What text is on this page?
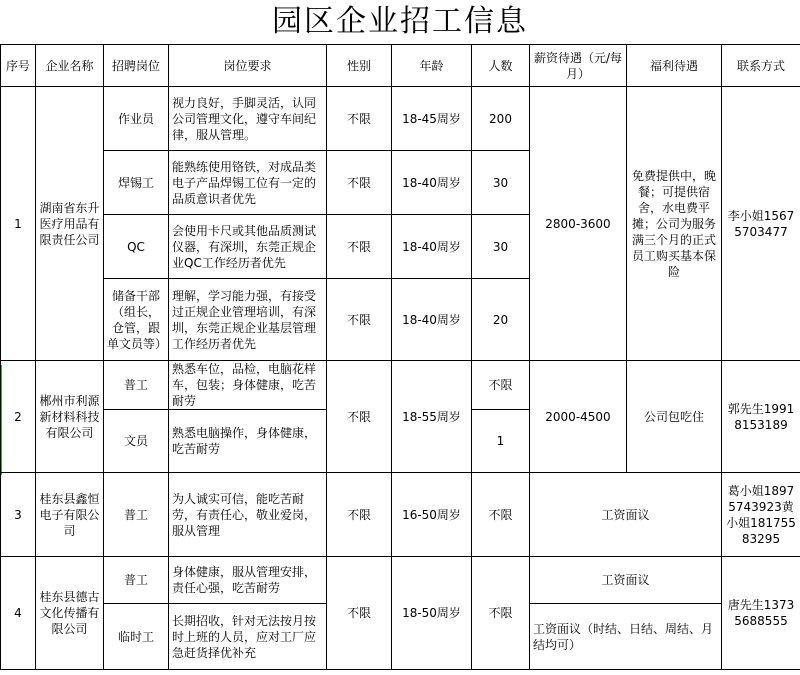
园区企业招工信息
序号	企业名称	招聘岗位	岗位要求	性别	年龄	人数	薪资待遇（元/每月）	福利待遇	联系方式
1	湖南省东升医疗用品有限责任公司	作业员	视力良好，手脚灵活，认同公司管理文化，遵守车间纪律，服从管理。	不限	18-45周岁	200	2800-3600	免费提供中，晚餐；可提供宿舍，水电费平摊；公司为服务满三个月的正式员工购买基本保险	李小姐15675703477
		焊锡工	能熟练使用铬铁，对成品类电子产品焊锡工位有一定的品质意识者优先	不限	18-40周岁	30			
		QC	会使用卡尺或其他品质测试仪器，有深圳，东莞正规企业QC工作经历者优先	不限	18-40周岁	30			
		储备干部（组长，仓管，跟单文员等）	理解，学习能力强，有接受过正规企业管理培训，有深圳，东莞正规企业基层管理工作经历者优先	不限	18-40周岁	20			
2	郴州市利源新材料科技有限公司	普工	熟悉车位，品检，电脑花样车，包装；身体健康，吃苦耐劳	不限	18-55周岁	不限	2000-4500	公司包吃住	郭先生19918153189
		文员	熟悉电脑操作，身体健康，吃苦耐劳			1			
3	桂东县鑫恒电子有限公司	普工	为人诚实可信，能吃苦耐劳，有责任心，敬业爱岗，服从管理	不限	16-50周岁	不限	工资面议		葛小姐18975743923黄小姐18175583295
4	桂东县德古文化传播有限公司	普工	身体健康，服从管理安排，责任心强，吃苦耐劳	不限	18-50周岁	不限	工资面议		唐先生13735688555
		临时工	长期招收，针对无法按月按时上班的人员，应对工厂应急赶货择优补充				工资面议（时结、日结、周结、月结均可）		
